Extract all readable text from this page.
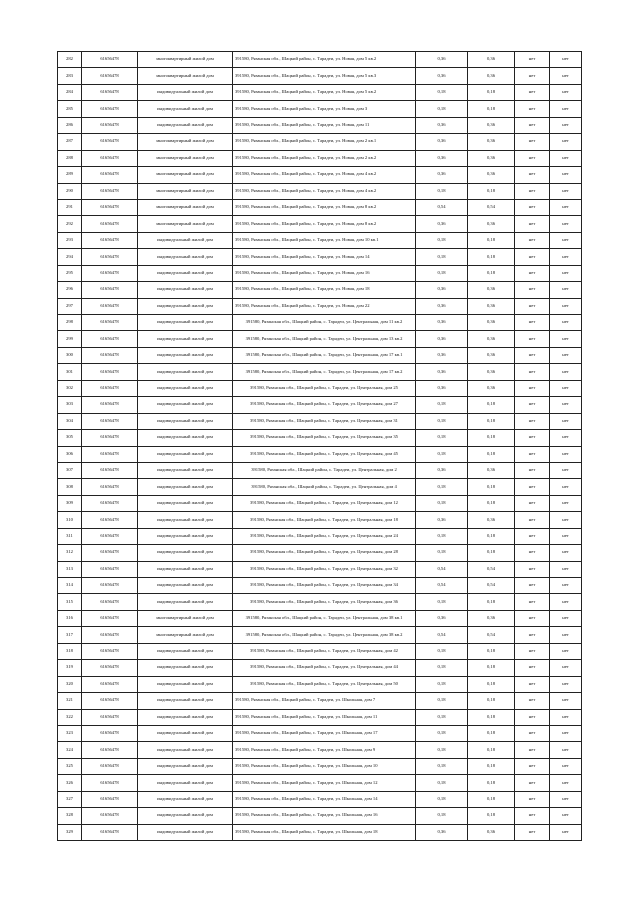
282	61656478	многоквартирный жилой дом	391580, Рязанская обл., Шацкий район, с. Тарадеи, ул. Новая, дом 5 кв.2	0,36	0,36	нет	нет
283	61656478	многоквартирный жилой дом	391580, Рязанская обл., Шацкий район, с. Тарадеи, ул. Новая, дом 5 кв.3	0,36	0,36	нет	нет
284	61656478	индивидуальный жилой дом	391580, Рязанская обл., Шацкий район, с. Тарадеи, ул. Новая, дом 5 кв.2	0,18	0,18	нет	нет
285	61656478	индивидуальный жилой дом	391580, Рязанская обл., Шацкий район, с. Тарадеи, ул. Новая, дом 3	0,18	0,18	нет	нет
286	61656478	индивидуальный жилой дом	391580, Рязанская обл., Шацкий район, с. Тарадеи, ул. Новая, дом 11	0,36	0,36	нет	нет
287	61656478	многоквартирный жилой дом	391580, Рязанская обл., Шацкий район, с. Тарадеи, ул. Новая, дом 2 кв.1	0,36	0,36	нет	нет
288	61656478	многоквартирный жилой дом	391580, Рязанская обл., Шацкий район, с. Тарадеи, ул. Новая, дом 2 кв.2	0,36	0,36	нет	нет
289	61656478	многоквартирный жилой дом	391580, Рязанская обл., Шацкий район, с. Тарадеи, ул. Новая, дом 4 кв.2	0,36	0,36	нет	нет
290	61656478	многоквартирный жилой дом	391580, Рязанская обл., Шацкий район, с. Тарадеи, ул. Новая, дом 4 кв.2	0,18	0,18	нет	нет
291	61656478	многоквартирный жилой дом	391580, Рязанская обл., Шацкий район, с. Тарадеи, ул. Новая, дом 8 кв.2	0,54	0,54	нет	нет
292	61656478	многоквартирный жилой дом	391580, Рязанская обл., Шацкий район, с. Тарадеи, ул. Новая, дом 8 кв.2	0,36	0,36	нет	нет
293	61656478	индивидуальный жилой дом	391580, Рязанская обл., Шацкий район, с. Тарадеи, ул. Новая, дом 10 кв.1	0,18	0,18	нет	нет
294	61656478	индивидуальный жилой дом	391580, Рязанская обл., Шацкий район, с. Тарадеи, ул. Новая, дом 14	0,18	0,18	нет	нет
295	61656478	индивидуальный жилой дом	391580, Рязанская обл., Шацкий район, с. Тарадеи, ул. Новая, дом 16	0,18	0,18	нет	нет
296	61656478	индивидуальный жилой дом	391580, Рязанская обл., Шацкий район, с. Тарадеи, ул. Новая, дом 18	0,36	0,36	нет	нет
297	61656478	индивидуальный жилой дом	391580, Рязанская обл., Шацкий район, с. Тарадеи, ул. Новая, дом 22	0,36	0,36	нет	нет
298	61656478	индивидуальный жилой дом	391580, Рязанская обл., Шацкий район, с. Тарадеи, ул. Центральная, дом 11 кв.2	0,36	0,36	нет	нет
299	61656478	индивидуальный жилой дом	391580, Рязанская обл., Шацкий район, с. Тарадеи, ул. Центральная, дом 13 кв.2	0,36	0,36	нет	нет
300	61656478	индивидуальный жилой дом	391580, Рязанская обл., Шацкий район, с. Тарадеи, ул. Центральная, дом 17 кв.1	0,36	0,36	нет	нет
301	61656478	индивидуальный жилой дом	391580, Рязанская обл., Шацкий район, с. Тарадеи, ул. Центральная, дом 17 кв.2	0,36	0,36	нет	нет
302	61656478	индивидуальный жилой дом	391580, Рязанская обл., Шацкий район, с. Тарадеи, ул. Центральная, дом 25	0,36	0,36	нет	нет
303	61656478	индивидуальный жилой дом	391580, Рязанская обл., Шацкий район, с. Тарадеи, ул. Центральная, дом 27	0,18	0,18	нет	нет
304	61656478	индивидуальный жилой дом	391580, Рязанская обл., Шацкий район, с. Тарадеи, ул. Центральная, дом 31	0,18	0,18	нет	нет
305	61656478	индивидуальный жилой дом	391580, Рязанская обл., Шацкий район, с. Тарадеи, ул. Центральная, дом 35	0,18	0,18	нет	нет
306	61656478	индивидуальный жилой дом	391580, Рязанская обл., Шацкий район, с. Тарадеи, ул. Центральная, дом 45	0,18	0,18	нет	нет
307	61656478	индивидуальный жилой дом	391580, Рязанская обл., Шацкий район, с. Тарадеи, ул. Центральная, дом 2	0,36	0,36	нет	нет
308	61656478	индивидуальный жилой дом	391580, Рязанская обл., Шацкий район, с. Тарадеи, ул. Центральная, дом 4	0,18	0,18	нет	нет
309	61656478	индивидуальный жилой дом	391580, Рязанская обл., Шацкий район, с. Тарадеи, ул. Центральная, дом 12	0,18	0,18	нет	нет
310	61656478	индивидуальный жилой дом	391580, Рязанская обл., Шацкий район, с. Тарадеи, ул. Центральная, дом 18	0,36	0,36	нет	нет
311	61656478	индивидуальный жилой дом	391580, Рязанская обл., Шацкий район, с. Тарадеи, ул. Центральная, дом 24	0,18	0,18	нет	нет
312	61656478	индивидуальный жилой дом	391580, Рязанская обл., Шацкий район, с. Тарадеи, ул. Центральная, дом 28	0,18	0,18	нет	нет
313	61656478	индивидуальный жилой дом	391580, Рязанская обл., Шацкий район, с. Тарадеи, ул. Центральная, дом 32	0,54	0,54	нет	нет
314	61656478	индивидуальный жилой дом	391580, Рязанская обл., Шацкий район, с. Тарадеи, ул. Центральная, дом 34	0,54	0,54	нет	нет
315	61656478	индивидуальный жилой дом	391580, Рязанская обл., Шацкий район, с. Тарадеи, ул. Центральная, дом 36	0,18	0,18	нет	нет
316	61656478	многоквартирный жилой дом	391580, Рязанская обл., Шацкий район, с. Тарадеи, ул. Центральная, дом 38 кв.1	0,36	0,36	нет	нет
317	61656478	многоквартирный жилой дом	391580, Рязанская обл., Шацкий район, с. Тарадеи, ул. Центральная, дом 38 кв.2	0,54	0,54	нет	нет
318	61656478	индивидуальный жилой дом	391580, Рязанская обл., Шацкий район, с. Тарадеи, ул. Центральная, дом 42	0,18	0,18	нет	нет
319	61656478	индивидуальный жилой дом	391580, Рязанская обл., Шацкий район, с. Тарадеи, ул. Центральная, дом 44	0,18	0,18	нет	нет
320	61656478	индивидуальный жилой дом	391580, Рязанская обл., Шацкий район, с. Тарадеи, ул. Центральная, дом 50	0,18	0,18	нет	нет
321	61656478	индивидуальный жилой дом	391580, Рязанская обл., Шацкий район, с. Тарадеи, ул. Школьная, дом 7	0,18	0,18	нет	нет
322	61656478	индивидуальный жилой дом	391580, Рязанская обл., Шацкий район, с. Тарадеи, ул. Школьная, дом 11	0,18	0,18	нет	нет
323	61656478	индивидуальный жилой дом	391580, Рязанская обл., Шацкий район, с. Тарадеи, ул. Школьная, дом 17	0,18	0,18	нет	нет
324	61656478	индивидуальный жилой дом	391580, Рязанская обл., Шацкий район, с. Тарадеи, ул. Школьная, дом 9	0,18	0,18	нет	нет
325	61656478	индивидуальный жилой дом	391580, Рязанская обл., Шацкий район, с. Тарадеи, ул. Школьная, дом 10	0,18	0,18	нет	нет
326	61656478	индивидуальный жилой дом	391580, Рязанская обл., Шацкий район, с. Тарадеи, ул. Школьная, дом 12	0,18	0,18	нет	нет
327	61656478	индивидуальный жилой дом	391580, Рязанская обл., Шацкий район, с. Тарадеи, ул. Школьная, дом 14	0,18	0,18	нет	нет
328	61656478	индивидуальный жилой дом	391580, Рязанская обл., Шацкий район, с. Тарадеи, ул. Школьная, дом 16	0,18	0,18	нет	нет
329	61656478	индивидуальный жилой дом	391580, Рязанская обл., Шацкий район, с. Тарадеи, ул. Школьная, дом 18	0,36	0,36	нет	нет
